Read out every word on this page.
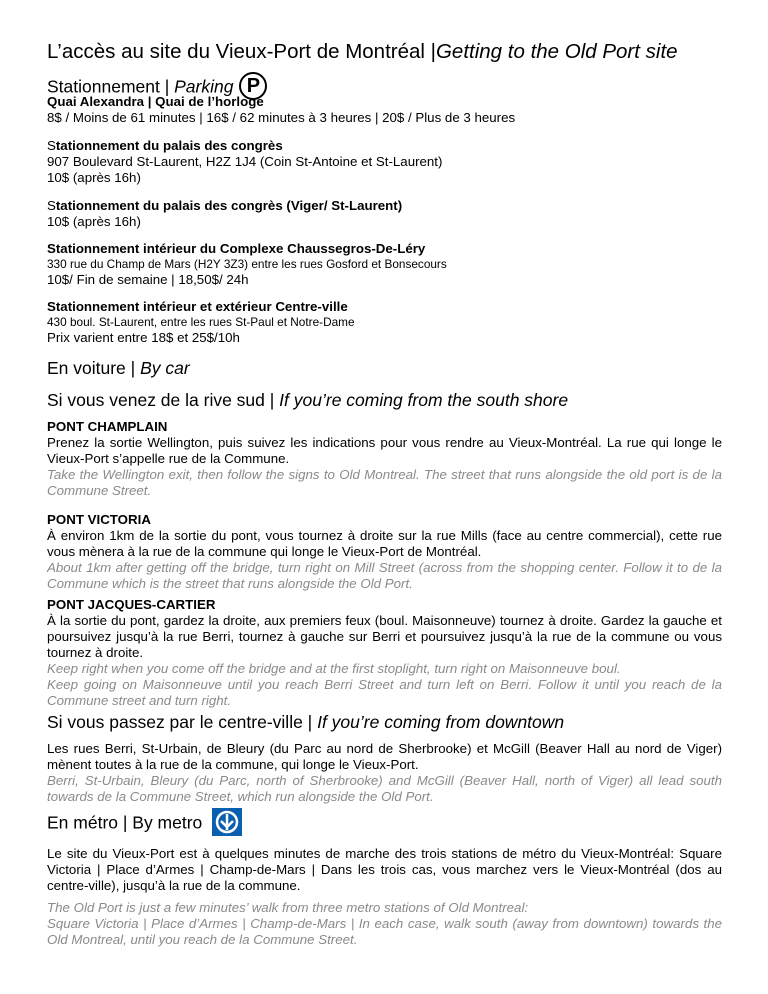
L’accès au site du Vieux-Port de Montréal |Getting to the Old Port site
Stationnement | Parking P
Quai Alexandra | Quai de l’horloge
8$ / Moins de 61 minutes | 16$ / 62 minutes à 3 heures | 20$ / Plus de 3 heures
Stationnement du palais des congrès
907 Boulevard St-Laurent, H2Z 1J4 (Coin St-Antoine et St-Laurent)
10$ (après 16h)
Stationnement du palais des congrès (Viger/ St-Laurent)
10$ (après 16h)
Stationnement intérieur du Complexe Chaussegros-De-Léry
330 rue du Champ de Mars (H2Y 3Z3) entre les rues Gosford et Bonsecours
10$/ Fin de semaine | 18,50$/ 24h
Stationnement intérieur et extérieur Centre-ville
430 boul. St-Laurent, entre les rues St-Paul et Notre-Dame
Prix varient entre 18$ et 25$/10h
En voiture | By car
Si vous venez de la rive sud | If you’re coming from the south shore
PONT CHAMPLAIN
Prenez la sortie Wellington, puis suivez les indications pour vous rendre au Vieux-Montréal. La rue qui longe le Vieux-Port s’appelle rue de la Commune.
Take the Wellington exit, then follow the signs to Old Montreal. The street that runs alongside the old port is de la Commune Street.
PONT VICTORIA
À environ 1km de la sortie du pont, vous tournez à droite sur la rue Mills (face au centre commercial), cette rue vous mènera à la rue de la commune qui longe le Vieux-Port de Montréal.
About 1km after getting off the bridge, turn right on Mill Street (across from the shopping center. Follow it to de la Commune which is the street that runs alongside the Old Port.
PONT JACQUES-CARTIER
À la sortie du pont, gardez la droite, aux premiers feux (boul. Maisonneuve) tournez à droite. Gardez la gauche et poursuivez jusqu’à la rue Berri, tournez à gauche sur Berri et poursuivez jusqu’à la rue de la commune ou vous tournez à droite.
Keep right when you come off the bridge and at the first stoplight, turn right on Maisonneuve boul.
Keep going on Maisonneuve until you reach Berri Street and turn left on Berri. Follow it until you reach de la Commune street and turn right.
Si vous passez par le centre-ville | If you’re coming from downtown
Les rues Berri, St-Urbain, de Bleury (du Parc au nord de Sherbrooke) et McGill (Beaver Hall au nord de Viger) mènent toutes à la rue de la commune, qui longe le Vieux-Port.
Berri, St-Urbain, Bleury (du Parc, north of Sherbrooke) and McGill (Beaver Hall, north of Viger) all lead south towards de la Commune Street, which run alongside the Old Port.
En métro | By metro
Le site du Vieux-Port est à quelques minutes de marche des trois stations de métro du Vieux-Montréal: Square Victoria | Place d’Armes | Champ-de-Mars | Dans les trois cas, vous marchez vers le Vieux-Montréal (dos au centre-ville), jusqu’à la rue de la commune.
The Old Port is just a few minutes’ walk from three metro stations of Old Montreal:
Square Victoria | Place d’Armes | Champ-de-Mars | In each case, walk south (away from downtown) towards the Old Montreal, until you reach de la Commune Street.
